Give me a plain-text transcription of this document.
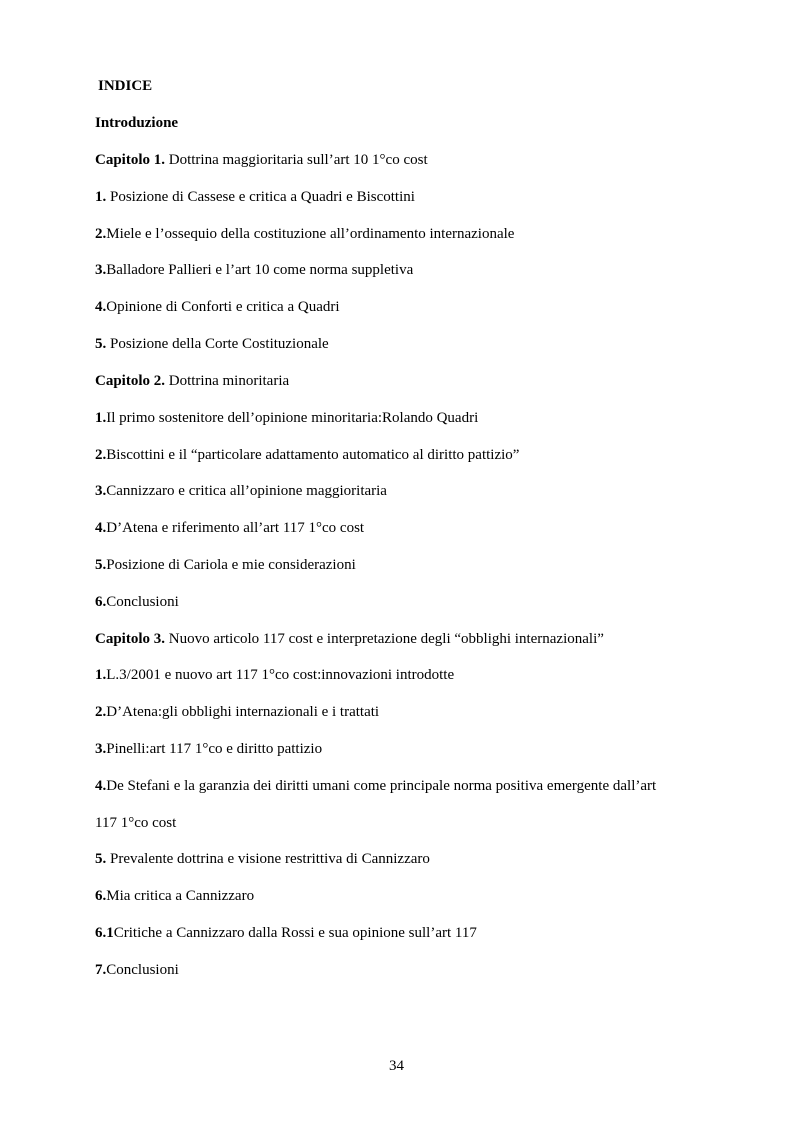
INDICE
Introduzione
Capitolo 1. Dottrina maggioritaria sull’art 10 1°co cost
1. Posizione di Cassese e critica a Quadri e Biscottini
2.Miele e l’ossequio della costituzione all’ordinamento internazionale
3.Balladore Pallieri e l’art 10 come norma suppletiva
4.Opinione di Conforti e critica a Quadri
5. Posizione della Corte Costituzionale
Capitolo 2. Dottrina minoritaria
1.Il primo sostenitore dell’opinione minoritaria:Rolando Quadri
2.Biscottini e il “particolare adattamento automatico al diritto pattizio”
3.Cannizzaro e critica all’opinione maggioritaria
4.D’Atena e riferimento all’art 117 1°co cost
5.Posizione di Cariola e mie considerazioni
6.Conclusioni
Capitolo 3. Nuovo articolo 117 cost e interpretazione degli “obblighi internazionali”
1.L.3/2001 e nuovo art 117 1°co cost:innovazioni introdotte
2.D’Atena:gli obblighi internazionali e i trattati
3.Pinelli:art 117 1°co e diritto pattizio
4.De Stefani e la garanzia dei diritti umani come principale norma positiva emergente dall’art
117 1°co cost
5. Prevalente dottrina e visione restrittiva di Cannizzaro
6.Mia critica a Cannizzaro
6.1Critiche a Cannizzaro dalla Rossi e sua opinione sull’art 117
7.Conclusioni
34
